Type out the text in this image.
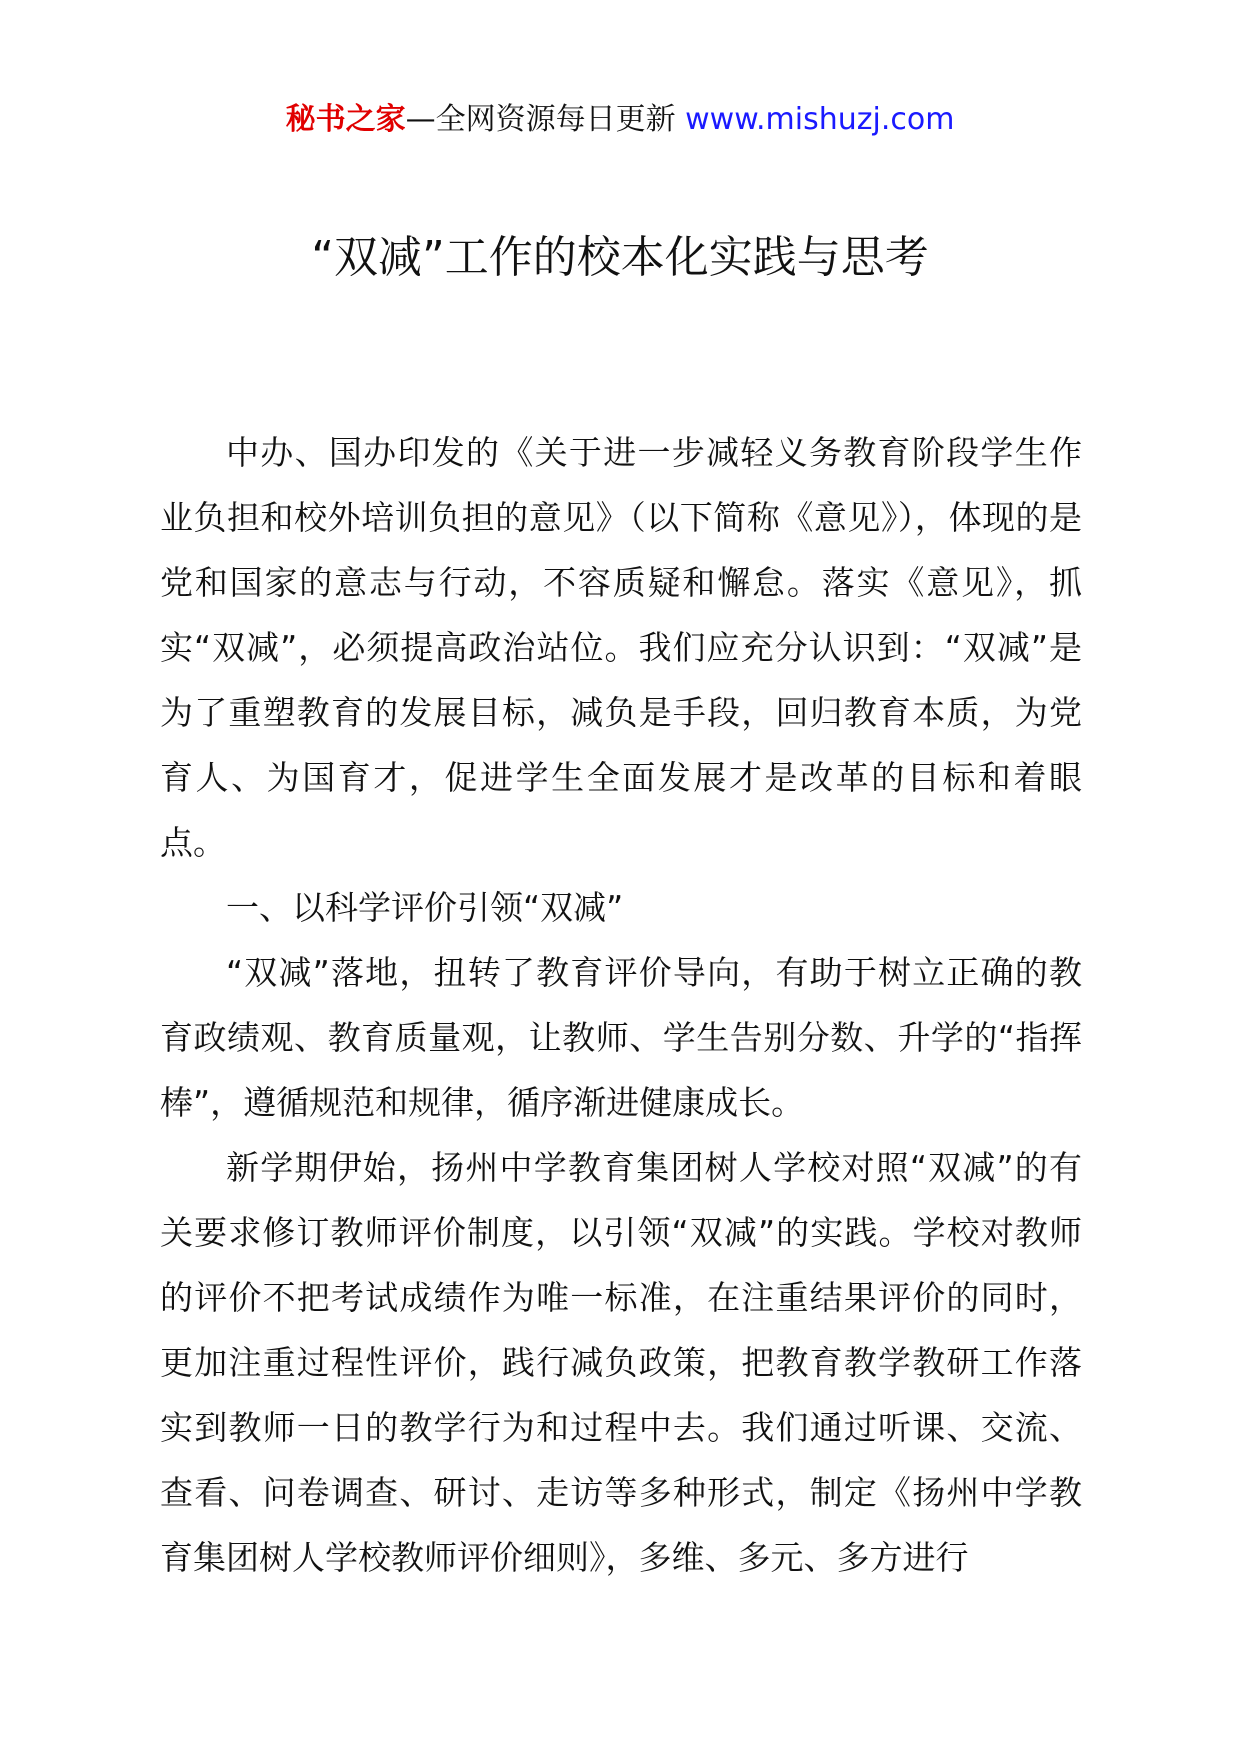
秘书之家—全网资源每日更新 www.mishuzj.com
“双减”工作的校本化实践与思考

中办、国办印发的《关于进一步减轻义务教育阶段学生作业负担和校外培训负担的意见》（以下简称《意见》），体现的是党和国家的意志与行动，不容质疑和懈怠。落实《意见》，抓实“双减”，必须提高政治站位。我们应充分认识到：“双减”是为了重塑教育的发展目标，减负是手段，回归教育本质，为党育人、为国育才，促进学生全面发展才是改革的目标和着眼点。

一、以科学评价引领“双减”

“双减”落地，扭转了教育评价导向，有助于树立正确的教育政绩观、教育质量观，让教师、学生告别分数、升学的“指挥棒”，遵循规范和规律，循序渐进健康成长。

新学期伊始，扬州中学教育集团树人学校对照“双减”的有关要求修订教师评价制度，以引领“双减”的实践。学校对教师的评价不把考试成绩作为唯一标准，在注重结果评价的同时，更加注重过程性评价，践行减负政策，把教育教学教研工作落实到教师一日的教学行为和过程中去。我们通过听课、交流、查看、问卷调查、研讨、走访等多种形式，制定《扬州中学教育集团树人学校教师评价细则》，多维、多元、多方进行
